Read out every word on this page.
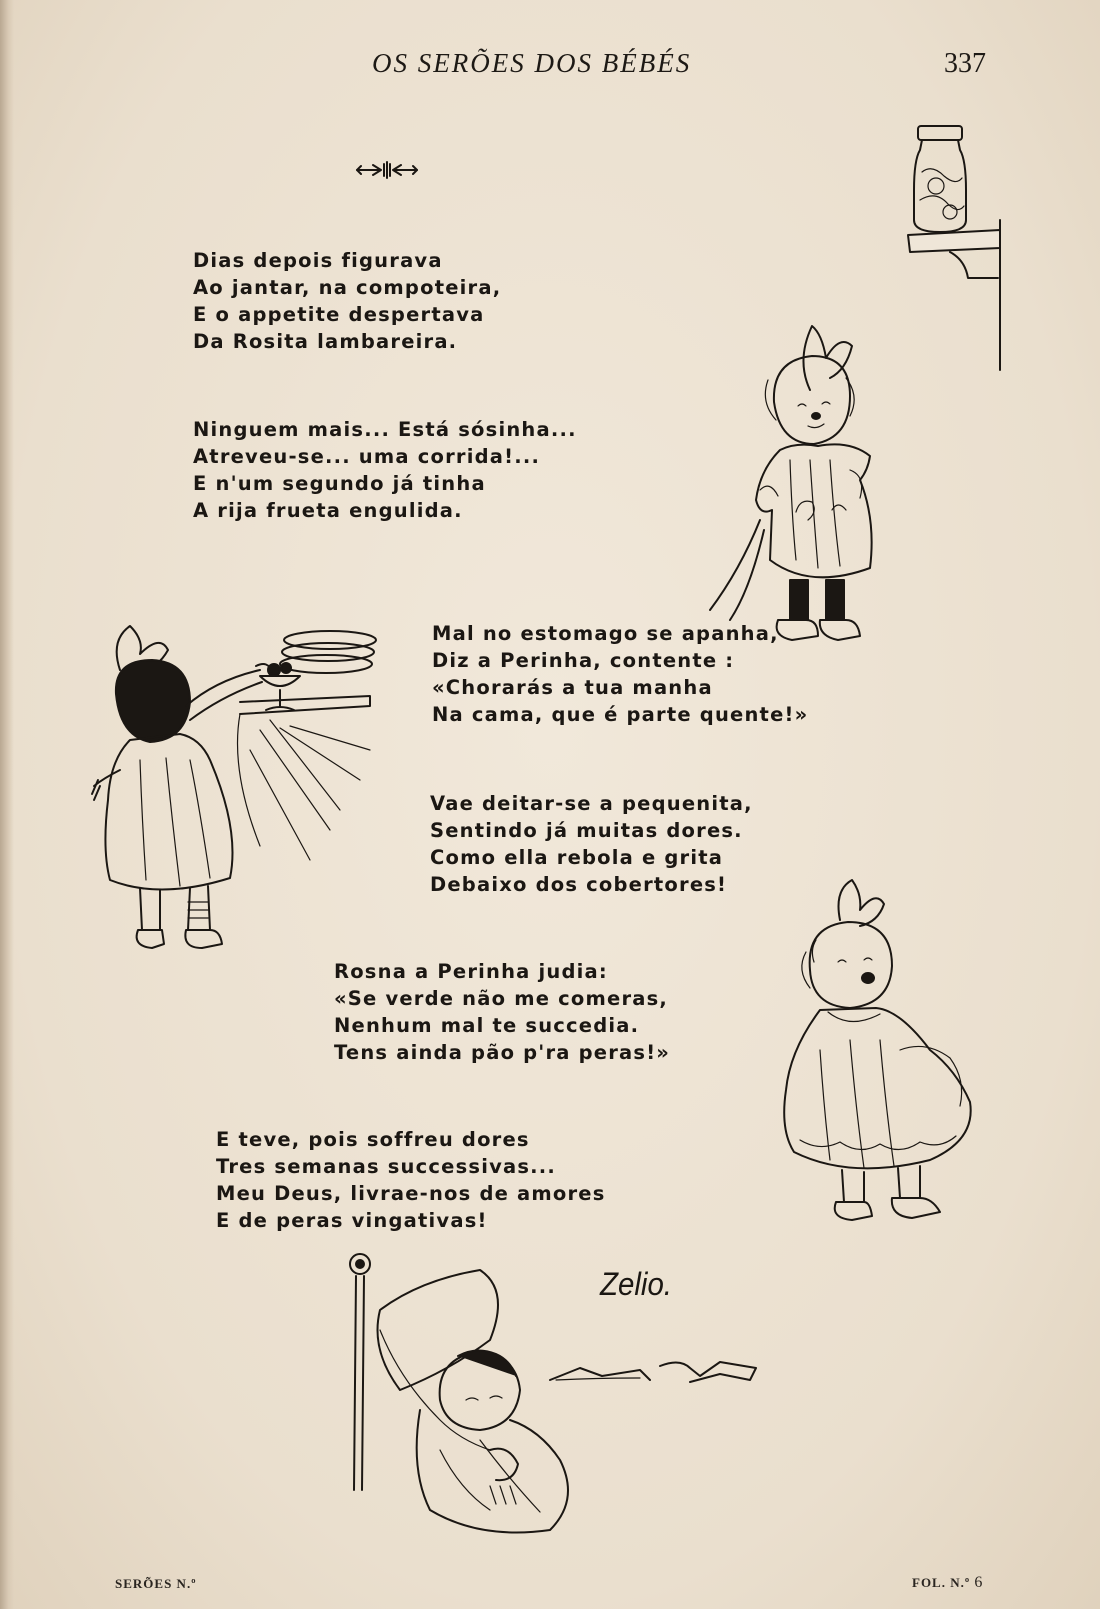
OS SERÕES DOS BÉBÉS	337
Dias depois figurava
Ao jantar, na compoteira,
E o appetite despertava
Da Rosita lambareira.
Ninguem mais... Está sósinha...
Atreveu-se... uma corrida!...
E n'um segundo já tinha
A rija frueta engulida.
Mal no estomago se apanha,
Diz a Perinha, contente :
«Chorarás a tua manha
Na cama, que é parte quente!»
Vae deitar-se a pequenita,
Sentindo já muitas dores.
Como ella rebola e grita
Debaixo dos cobertores!
Rosna a Perinha judia:
«Se verde não me comeras,
Nenhum mal te succedia.
Tens ainda pão p'ra peras!»
E teve, pois soffreu dores
Tres semanas successivas...
Meu Deus, livrae-nos de amores
E de peras vingativas!
Zelio.
SERÕES N.º	FOL. N.º 6
